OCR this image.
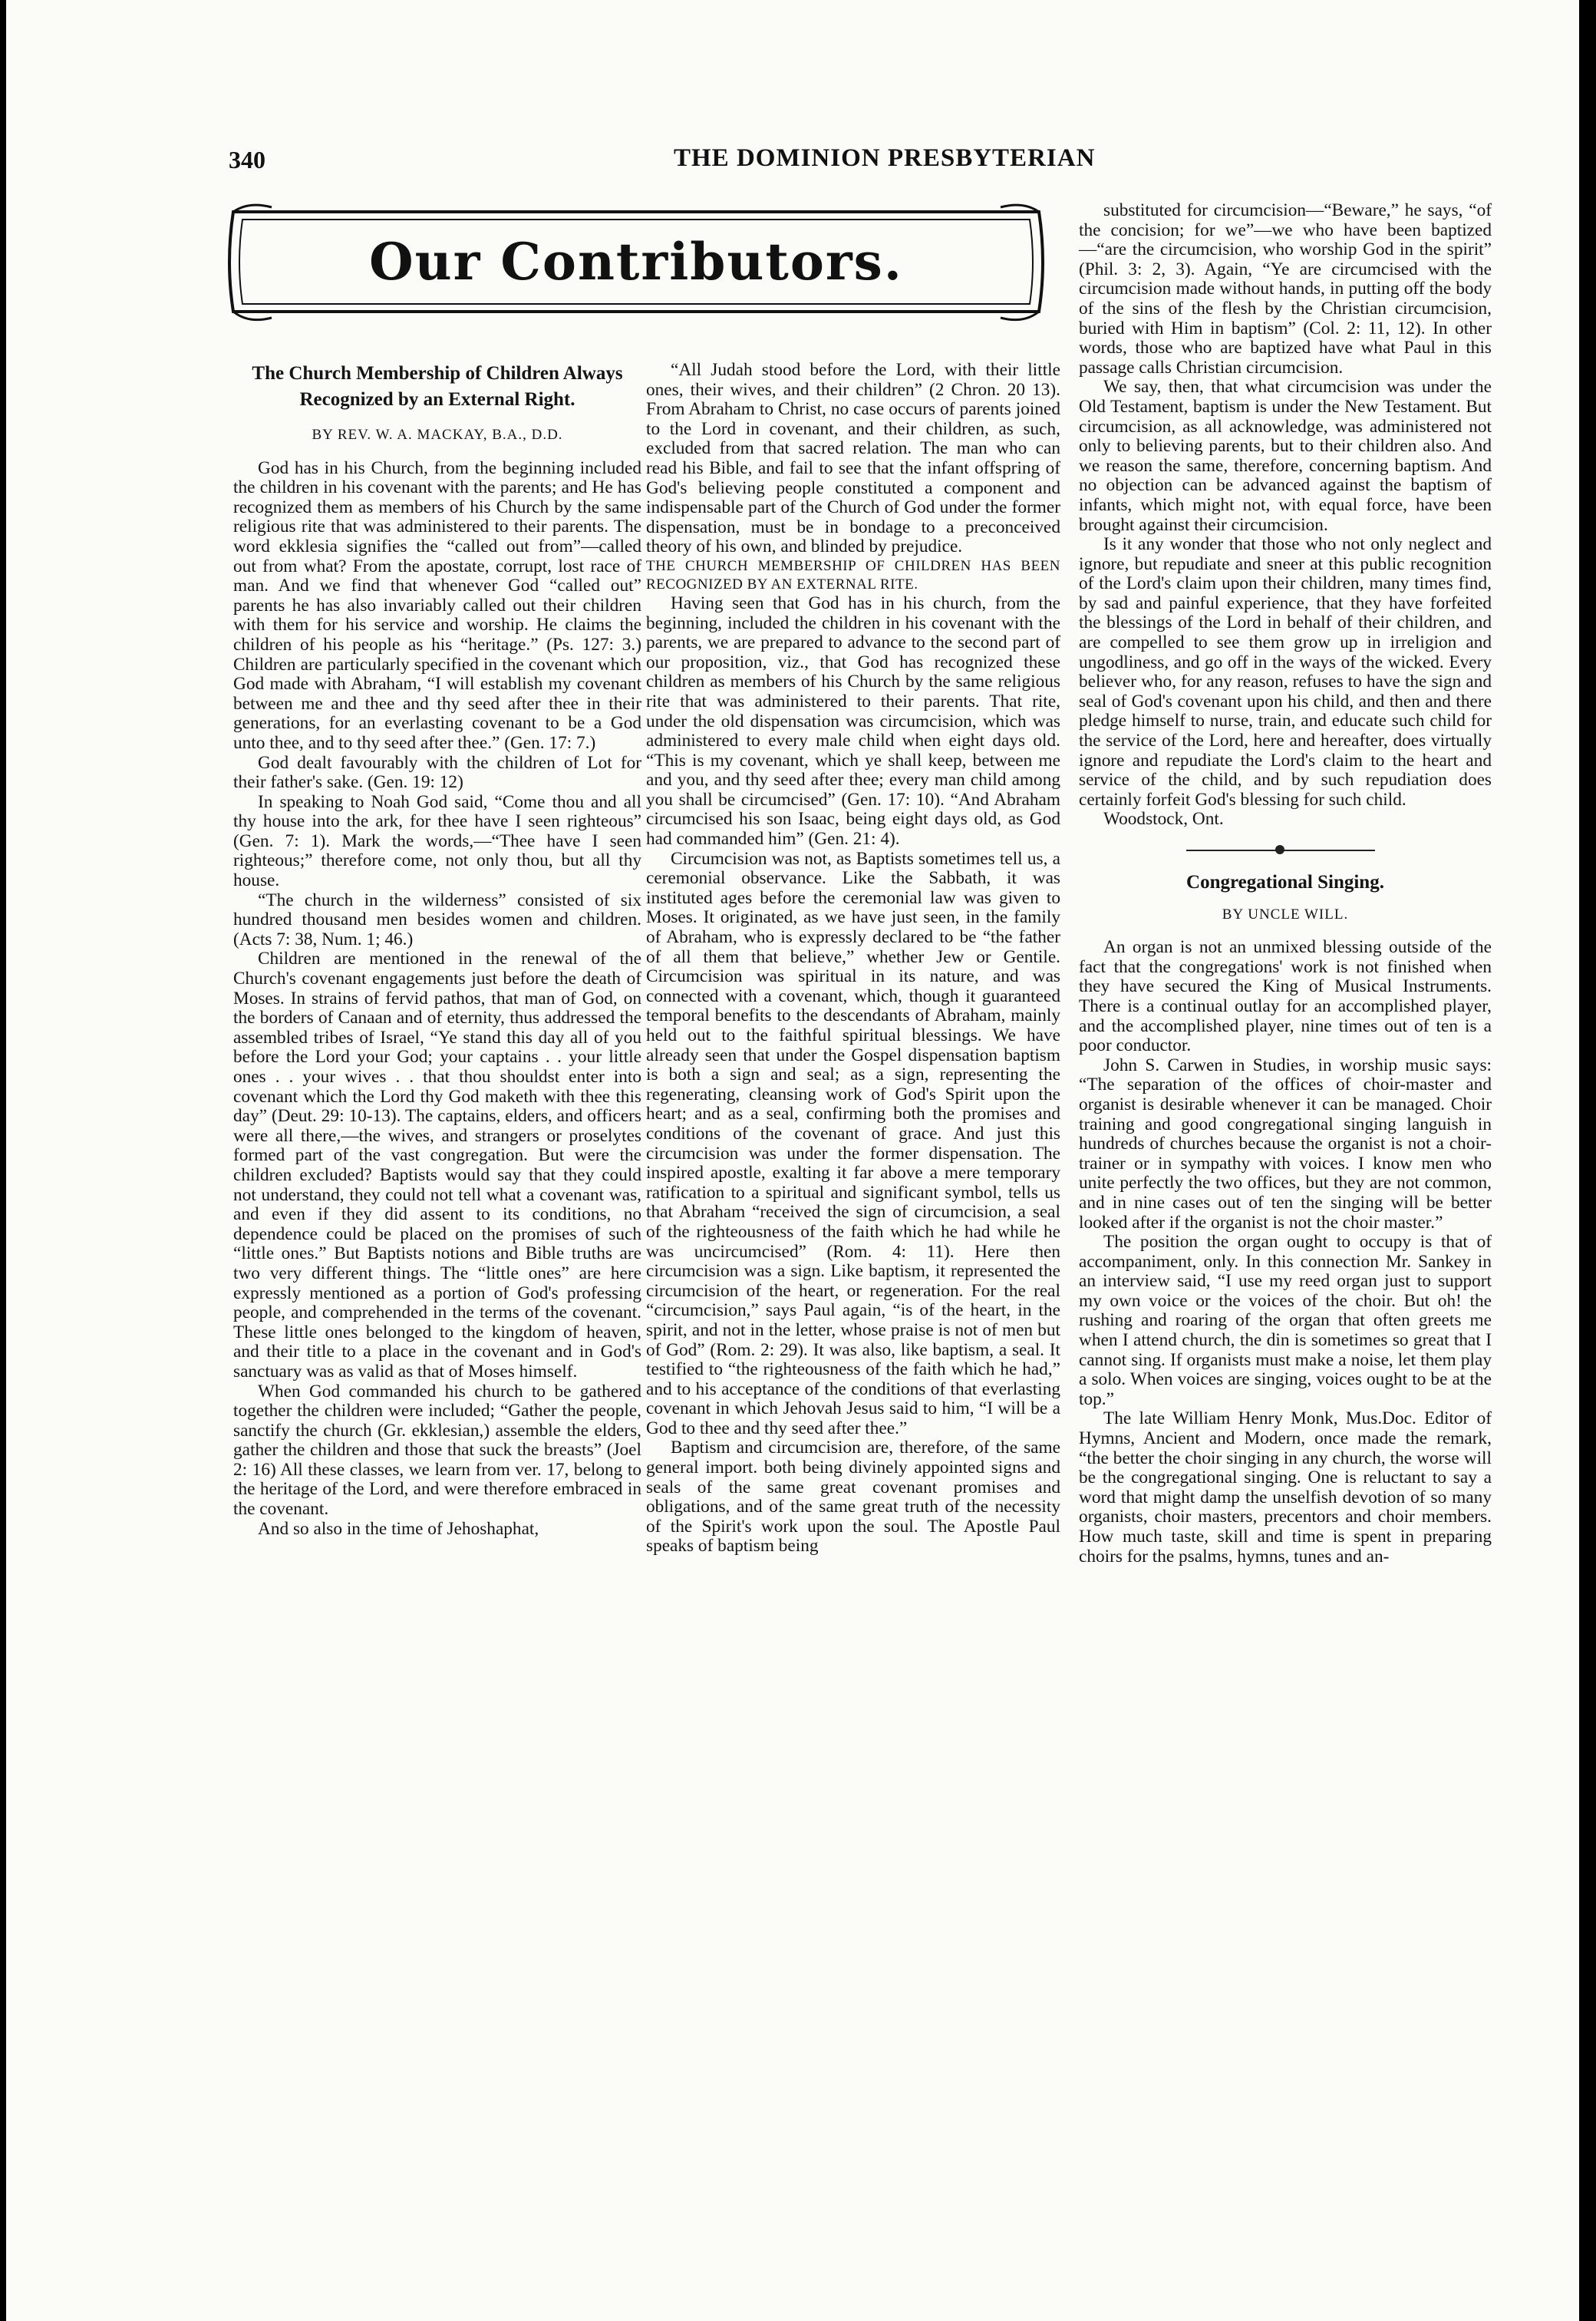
340	THE DOMINION PRESBYTERIAN
Our Contributors.
The Church Membership of Children Always Recognized by an External Right.
BY REV. W. A. MACKAY, B.A., D.D.

God has in his Church, from the beginning included the children in his covenant with the parents; and He has recognized them as members of his Church by the same religious rite that was administered to their parents. The word ekklesia signifies the “called out from”—called out from what? From the apostate, corrupt, lost race of man. And we find that whenever God “called out” parents he has also invariably called out their children with them for his service and worship. He claims the children of his people as his “heritage.” (Ps. 127: 3.) Children are particularly specified in the covenant which God made with Abraham, “I will establish my covenant between me and thee and thy seed after thee in their generations, for an everlasting covenant to be a God unto thee, and to thy seed after thee.” (Gen. 17: 7.)

God dealt favourably with the children of Lot for their father's sake. (Gen. 19: 12)

In speaking to Noah God said, “Come thou and all thy house into the ark, for thee have I seen righteous” (Gen. 7: 1). Mark the words,—“Thee have I seen righteous;” therefore come, not only thou, but all thy house.

“The church in the wilderness” consisted of six hundred thousand men besides women and children. (Acts 7: 38, Num. 1; 46.)

Children are mentioned in the renewal of the Church's covenant engagements just before the death of Moses. In strains of fervid pathos, that man of God, on the borders of Canaan and of eternity, thus addressed the assembled tribes of Israel, “Ye stand this day all of you before the Lord your God; your captains . . your little ones . . your wives . . that thou shouldst enter into covenant which the Lord thy God maketh with thee this day” (Deut. 29: 10-13). The captains, elders, and officers were all there,—the wives, and strangers or proselytes formed part of the vast congregation. But were the children excluded? Baptists would say that they could not understand, they could not tell what a covenant was, and even if they did assent to its conditions, no dependence could be placed on the promises of such “little ones.” But Baptists notions and Bible truths are two very different things. The “little ones” are here expressly mentioned as a portion of God's professing people, and comprehended in the terms of the covenant. These little ones belonged to the kingdom of heaven, and their title to a place in the covenant and in God's sanctuary was as valid as that of Moses himself.

When God commanded his church to be gathered together the children were included; “Gather the people, sanctify the church (Gr. ekklesian,) assemble the elders, gather the children and those that suck the breasts” (Joel 2: 16) All these classes, we learn from ver. 17, belong to the heritage of the Lord, and were therefore embraced in the covenant.

And so also in the time of Jehoshaphat,

“All Judah stood before the Lord, with their little ones, their wives, and their children” (2 Chron. 20 13). From Abraham to Christ, no case occurs of parents joined to the Lord in covenant, and their children, as such, excluded from that sacred relation. The man who can read his Bible, and fail to see that the infant offspring of God's believing people constituted a component and indispensable part of the Church of God under the former dispensation, must be in bondage to a preconceived theory of his own, and blinded by prejudice.

THE CHURCH MEMBERSHIP OF CHILDREN HAS BEEN RECOGNIZED BY AN EXTERNAL RITE.

Having seen that God has in his church, from the beginning, included the children in his covenant with the parents, we are prepared to advance to the second part of our proposition, viz., that God has recognized these children as members of his Church by the same religious rite that was administered to their parents. That rite, under the old dispensation was circumcision, which was administered to every male child when eight days old. “This is my covenant, which ye shall keep, between me and you, and thy seed after thee; every man child among you shall be circumcised” (Gen. 17: 10). “And Abraham circumcised his son Isaac, being eight days old, as God had commanded him” (Gen. 21: 4).

Circumcision was not, as Baptists sometimes tell us, a ceremonial observance. Like the Sabbath, it was instituted ages before the ceremonial law was given to Moses. It originated, as we have just seen, in the family of Abraham, who is expressly declared to be “the father of all them that believe,” whether Jew or Gentile. Circumcision was spiritual in its nature, and was connected with a covenant, which, though it guaranteed temporal benefits to the descendants of Abraham, mainly held out to the faithful spiritual blessings. We have already seen that under the Gospel dispensation baptism is both a sign and seal; as a sign, representing the regenerating, cleansing work of God's Spirit upon the heart; and as a seal, confirming both the promises and conditions of the covenant of grace. And just this circumcision was under the former dispensation. The inspired apostle, exalting it far above a mere temporary ratification to a spiritual and significant symbol, tells us that Abraham “received the sign of circumcision, a seal of the righteousness of the faith which he had while he was uncircumcised” (Rom. 4: 11). Here then circumcision was a sign. Like baptism, it represented the circumcision of the heart, or regeneration. For the real “circumcision,” says Paul again, “is of the heart, in the spirit, and not in the letter, whose praise is not of men but of God” (Rom. 2: 29). It was also, like baptism, a seal. It testified to “the righteousness of the faith which he had,” and to his acceptance of the conditions of that everlasting covenant in which Jehovah Jesus said to him, “I will be a God to thee and thy seed after thee.”

Baptism and circumcision are, therefore, of the same general import. both being divinely appointed signs and seals of the same great covenant promises and obligations, and of the same great truth of the necessity of the Spirit's work upon the soul. The Apostle Paul speaks of baptism being

substituted for circumcision—“Beware,” he says, “of the concision; for we”—we who have been baptized—“are the circumcision, who worship God in the spirit” (Phil. 3: 2, 3). Again, “Ye are circumcised with the circumcision made without hands, in putting off the body of the sins of the flesh by the Christian circumcision, buried with Him in baptism” (Col. 2: 11, 12). In other words, those who are baptized have what Paul in this passage calls Christian circumcision.

We say, then, that what circumcision was under the Old Testament, baptism is under the New Testament. But circumcision, as all acknowledge, was administered not only to believing parents, but to their children also. And we reason the same, therefore, concerning baptism. And no objection can be advanced against the baptism of infants, which might not, with equal force, have been brought against their circumcision.

Is it any wonder that those who not only neglect and ignore, but repudiate and sneer at this public recognition of the Lord's claim upon their children, many times find, by sad and painful experience, that they have forfeited the blessings of the Lord in behalf of their children, and are compelled to see them grow up in irreligion and ungodliness, and go off in the ways of the wicked. Every believer who, for any reason, refuses to have the sign and seal of God's covenant upon his child, and then and there pledge himself to nurse, train, and educate such child for the service of the Lord, here and hereafter, does virtually ignore and repudiate the Lord's claim to the heart and service of the child, and by such repudiation does certainly forfeit God's blessing for such child.

Woodstock, Ont.

Congregational Singing.
BY UNCLE WILL.

An organ is not an unmixed blessing outside of the fact that the congregations' work is not finished when they have secured the King of Musical Instruments. There is a continual outlay for an accomplished player, and the accomplished player, nine times out of ten is a poor conductor.

John S. Carwen in Studies, in worship music says: “The separation of the offices of choir-master and organist is desirable whenever it can be managed. Choir training and good congregational singing languish in hundreds of churches because the organist is not a choir-trainer or in sympathy with voices. I know men who unite perfectly the two offices, but they are not common, and in nine cases out of ten the singing will be better looked after if the organist is not the choir master.”

The position the organ ought to occupy is that of accompaniment, only. In this connection Mr. Sankey in an interview said, “I use my reed organ just to support my own voice or the voices of the choir. But oh! the rushing and roaring of the organ that often greets me when I attend church, the din is sometimes so great that I cannot sing. If organists must make a noise, let them play a solo. When voices are singing, voices ought to be at the top.”

The late William Henry Monk, Mus.Doc. Editor of Hymns, Ancient and Modern, once made the remark, “the better the choir singing in any church, the worse will be the congregational singing. One is reluctant to say a word that might damp the unselfish devotion of so many organists, choir masters, precentors and choir members. How much taste, skill and time is spent in preparing choirs for the psalms, hymns, tunes and an-
